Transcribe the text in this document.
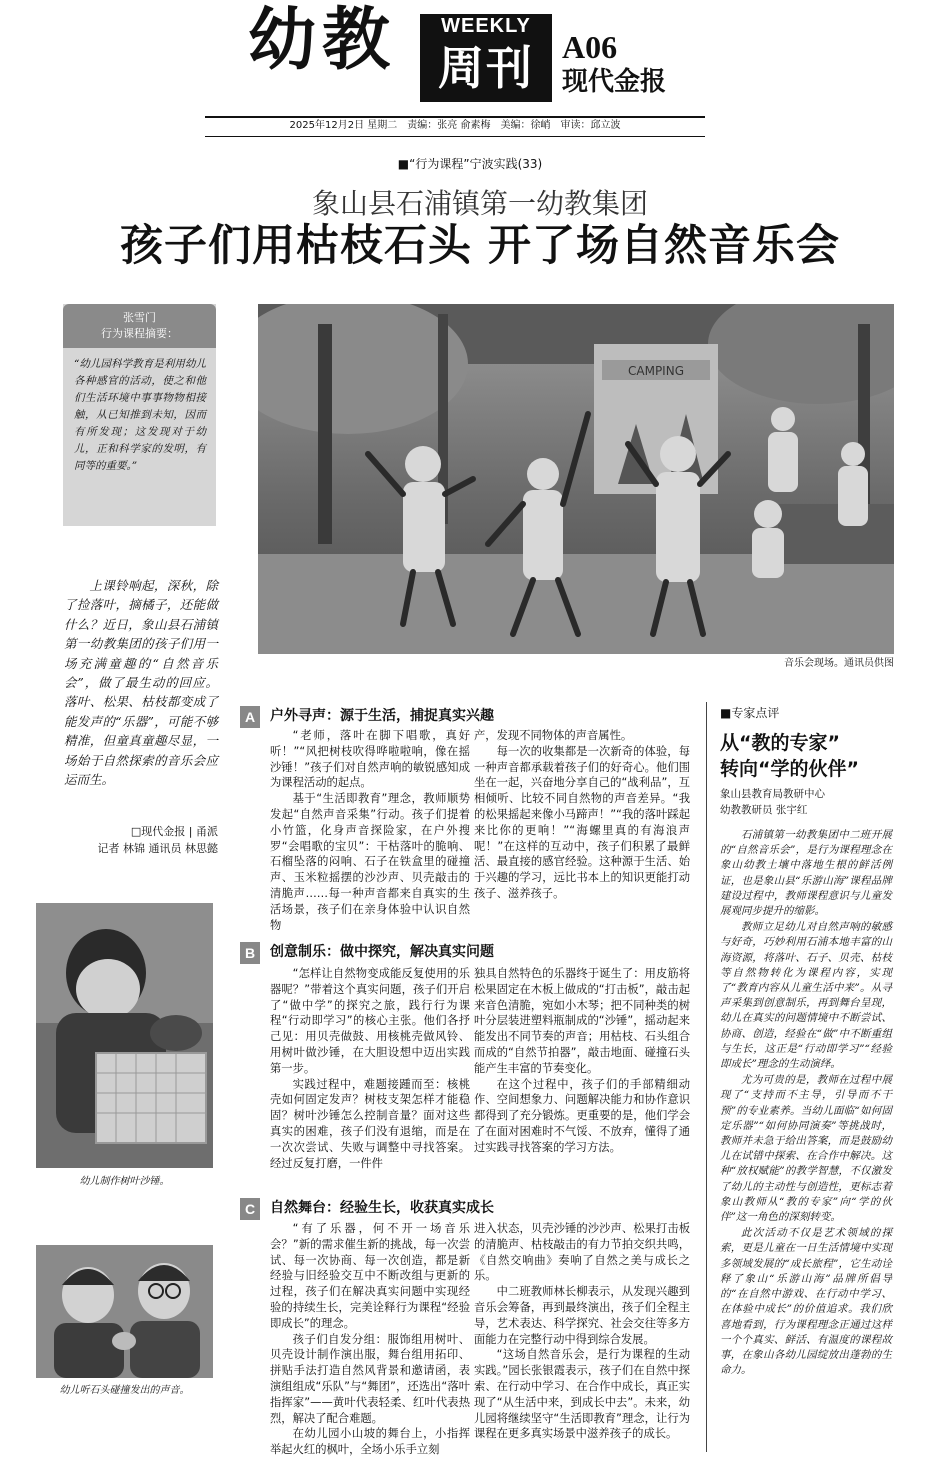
幼教	WEEKLY
周刊 A06
现代金报
2025年12月2日 星期二　责编：张亮 俞素梅　美编：徐峭　审读：邱立波
■“行为课程”宁波实践(33)
象山县石浦镇第一幼教集团
孩子们用枯枝石头 开了场自然音乐会
张雪门
行为课程摘要：
“幼儿园科学教育是利用幼儿各种感官的活动，使之和他们生活环境中事事物物相接触，从已知推到未知，因而有所发现；这发现对于幼儿，正和科学家的发明，有同等的重要。”
上课铃响起，深秋，除了捡落叶，摘橘子，还能做什么？近日，象山县石浦镇第一幼教集团的孩子们用一场充满童趣的“自然音乐会”，做了最生动的回应。落叶、松果、枯枝都变成了能发声的“乐器”，可能不够精准，但童真童趣尽显，一场始于自然探索的音乐会应运而生。
□现代金报 | 甬派
记者 林锦 通讯员 林思懿
CAMPING
音乐会现场。通讯员供图
幼儿制作树叶沙锤。
幼儿听石头碰撞发出的声音。
A	户外寻声：源于生活，捕捉真实兴趣

“老师，落叶在脚下唱歌，真好听！”“风把树枝吹得哗啦啦响，像在摇沙锤！”孩子们对自然声响的敏锐感知成为课程活动的起点。

基于“生活即教育”理念，教师顺势发起“自然声音采集”行动。孩子们提着小竹篮，化身声音探险家，在户外搜罗“会唱歌的宝贝”：干枯落叶的脆响、石榴坠落的闷响、石子在铁盒里的碰撞声、玉米粒摇摆的沙沙声、贝壳敲击的清脆声……每一种声音都来自真实的生活场景，孩子们在亲身体验中认识自然物

产，发现不同物体的声音属性。

每一次的收集都是一次新奇的体验，每一种声音都承载着孩子们的好奇心。他们围坐在一起，兴奋地分享自己的“战利品”，互相倾听、比较不同自然物的声音差异。“我的松果摇起来像小马蹄声！”“我的落叶踩起来比你的更响！”“海螺里真的有海浪声呢！”在这样的互动中，孩子们积累了最鲜活、最直接的感官经验。这种源于生活、始于兴趣的学习，远比书本上的知识更能打动孩子、滋养孩子。

B	创意制乐：做中探究，解决真实问题

“怎样让自然物变成能反复使用的乐器呢？”带着这个真实问题，孩子们开启了“做中学”的探究之旅，践行行为课程“行动即学习”的核心主张。他们各抒己见：用贝壳做鼓、用核桃壳做风铃、用树叶做沙锤，在大胆设想中迈出实践第一步。

实践过程中，难题接踵而至：核桃壳如何固定发声？树枝支架怎样才能稳固？树叶沙锤怎么控制音量？面对这些真实的困难，孩子们没有退缩，而是在一次次尝试、失败与调整中寻找答案。经过反复打磨，一件件

独具自然特色的乐器终于诞生了：用皮筋将松果固定在木板上做成的“打击板”，敲击起来音色清脆，宛如小木琴；把不同种类的树叶分层装进塑料瓶制成的“沙锤”，摇动起来能发出不同节奏的声音；用枯枝、石头组合而成的“自然节拍器”，敲击地面、碰撞石头能产生丰富的节奏变化。

在这个过程中，孩子们的手部精细动作、空间想象力、问题解决能力和协作意识都得到了充分锻炼。更重要的是，他们学会了在面对困难时不气馁、不放弃，懂得了通过实践寻找答案的学习方法。

C	自然舞台：经验生长，收获真实成长

“有了乐器，何不开一场音乐会？”新的需求催生新的挑战，每一次尝试、每一次协商、每一次创造，都是新经验与旧经验交互中不断改组与更新的过程，孩子们在解决真实问题中实现经验的持续生长，完美诠释行为课程“经验即成长”的理念。

孩子们自发分组：服饰组用树叶、贝壳设计制作演出服，舞台组用拓印、拼贴手法打造自然风背景和邀请函，表演组组成“乐队”与“舞团”，还选出“落叶指挥家”——黄叶代表轻柔、红叶代表热烈，解决了配合难题。

在幼儿园小山坡的舞台上，小指挥举起火红的枫叶，全场小乐手立刻

进入状态，贝壳沙锤的沙沙声、松果打击板的清脆声、枯枝敲击的有力节拍交织共鸣，《自然交响曲》奏响了自然之美与成长之乐。

中二班教师林长柳表示，从发现兴趣到音乐会筹备，再到最终演出，孩子们全程主导，艺术表达、科学探究、社会交往等多方面能力在完整行动中得到综合发展。

“这场自然音乐会，是行为课程的生动实践。”园长张银霞表示，孩子们在自然中探索、在行动中学习、在合作中成长，真正实现了“从生活中来，到成长中去”。未来，幼儿园将继续坚守“生活即教育”理念，让行为课程在更多真实场景中滋养孩子的成长。

■专家点评
从“教的专家”
转向“学的伙伴”
象山县教育局教研中心
幼教教研员 张宇红

石浦镇第一幼教集团中二班开展的“自然音乐会”，是行为课程理念在象山幼教土壤中落地生根的鲜活例证，也是象山县“乐游山海”课程品牌建设过程中，教师课程意识与儿童发展观同步提升的缩影。

教师立足幼儿对自然声响的敏感与好奇，巧妙利用石浦本地丰富的山海资源，将落叶、石子、贝壳、枯枝等自然物转化为课程内容，实现了“教育内容从儿童生活中来”。从寻声采集到创意制乐，再到舞台呈现，幼儿在真实的问题情境中不断尝试、协商、创造，经验在“做”中不断重组与生长，这正是“行动即学习”“经验即成长”理念的生动演绎。

尤为可贵的是，教师在过程中展现了“支持而不主导，引导而不干预”的专业素养。当幼儿面临“如何固定乐器”“如何协同演奏”等挑战时，教师并未急于给出答案，而是鼓励幼儿在试错中探索、在合作中解决。这种“放权赋能”的教学智慧，不仅激发了幼儿的主动性与创造性，更标志着象山教师从“教的专家”向“学的伙伴”这一角色的深刻转变。

此次活动不仅是艺术领域的探索，更是儿童在一日生活情境中实现多领域发展的“成长旅程”，它生动诠释了象山“乐游山海”品牌所倡导的“在自然中游戏、在行动中学习、在体验中成长”的价值追求。我们欣喜地看到，行为课程理念正通过这样一个个真实、鲜活、有温度的课程故事，在象山各幼儿园绽放出蓬勃的生命力。
